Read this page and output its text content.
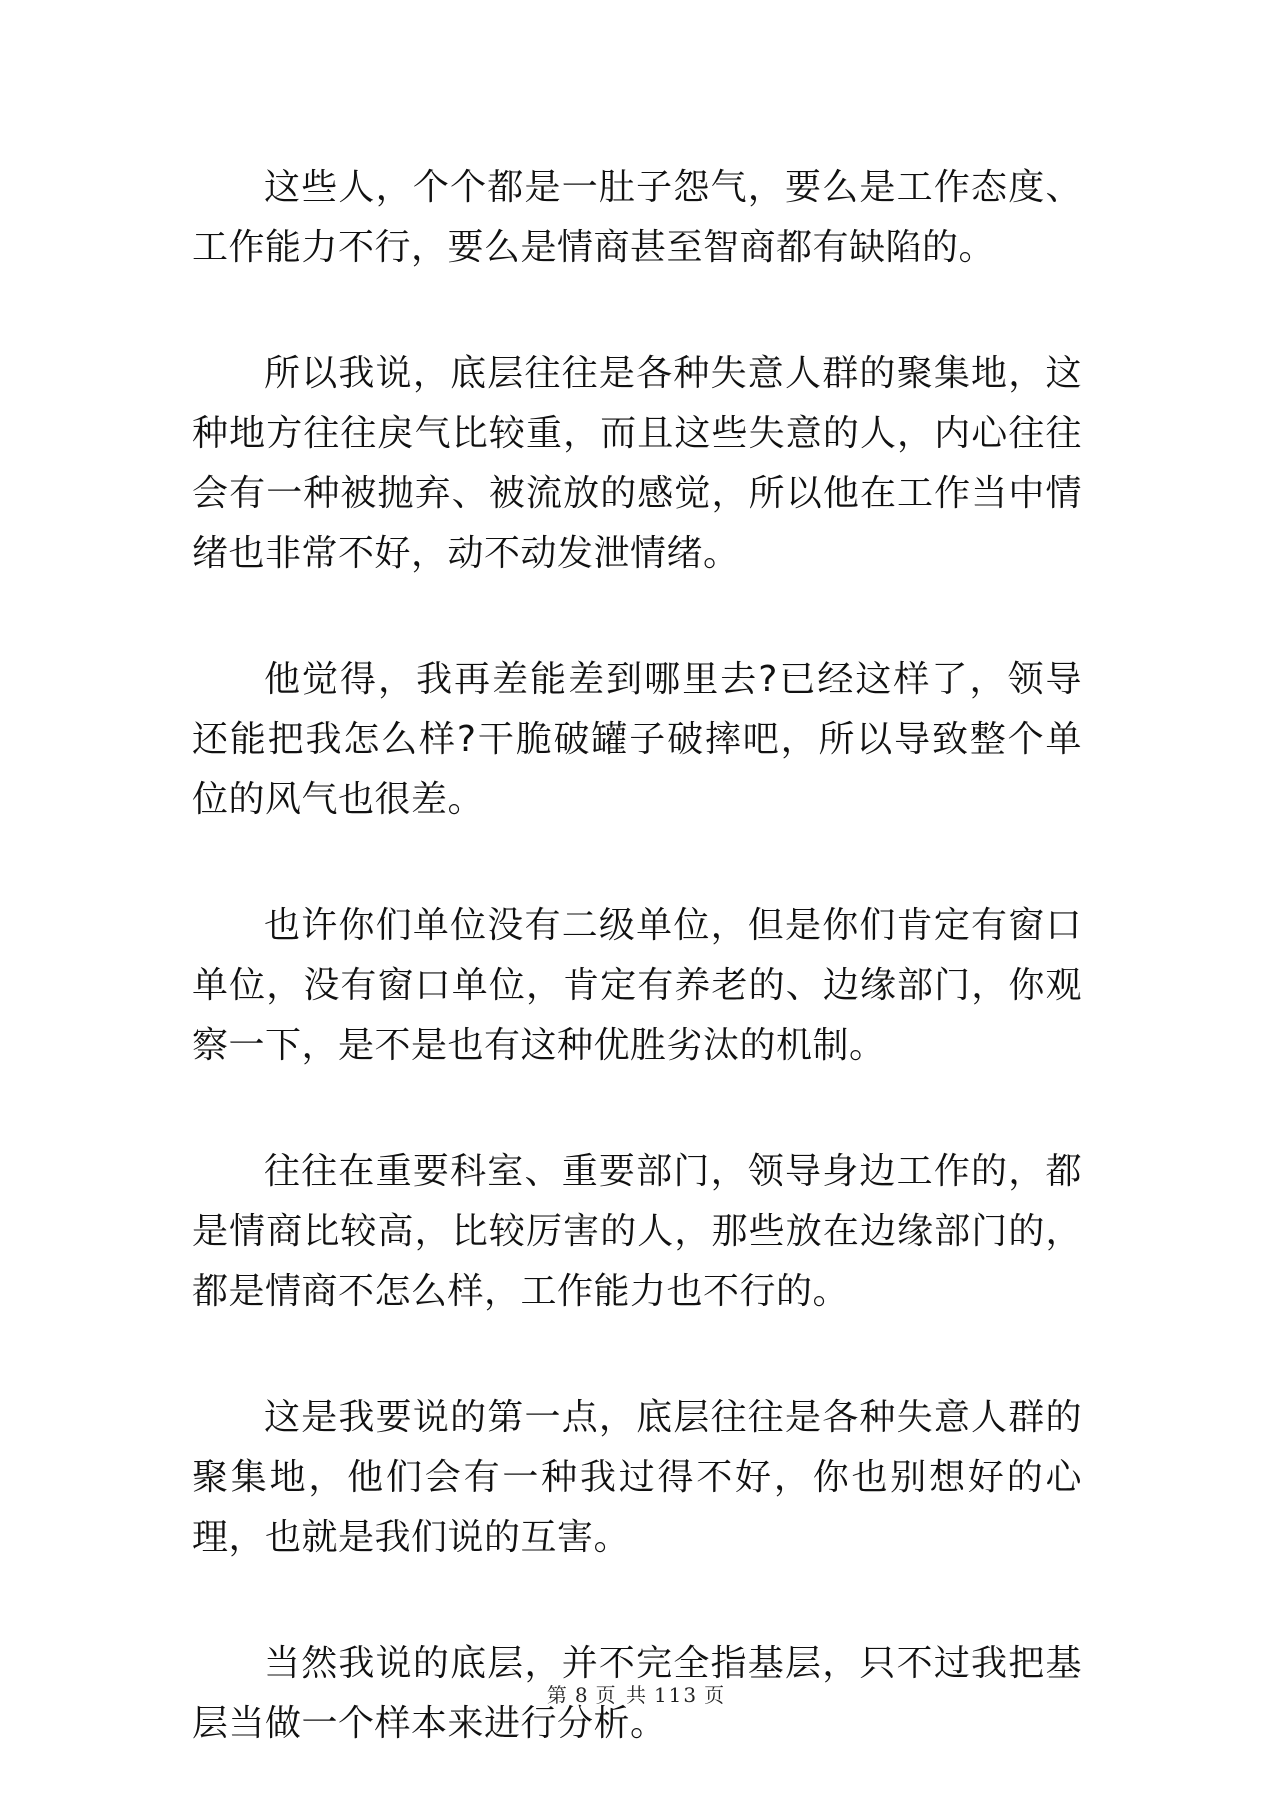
这些人，个个都是一肚子怨气，要么是工作态度、工作能力不行，要么是情商甚至智商都有缺陷的。

所以我说，底层往往是各种失意人群的聚集地，这种地方往往戾气比较重，而且这些失意的人，内心往往会有一种被抛弃、被流放的感觉，所以他在工作当中情绪也非常不好，动不动发泄情绪。

他觉得，我再差能差到哪里去?已经这样了，领导还能把我怎么样?干脆破罐子破摔吧，所以导致整个单位的风气也很差。

也许你们单位没有二级单位，但是你们肯定有窗口单位，没有窗口单位，肯定有养老的、边缘部门，你观察一下，是不是也有这种优胜劣汰的机制。

往往在重要科室、重要部门，领导身边工作的，都是情商比较高，比较厉害的人，那些放在边缘部门的，都是情商不怎么样，工作能力也不行的。

这是我要说的第一点，底层往往是各种失意人群的聚集地，他们会有一种我过得不好，你也别想好的心理，也就是我们说的互害。

当然我说的底层，并不完全指基层，只不过我把基层当做一个样本来进行分析。

第 8 页 共 113 页
